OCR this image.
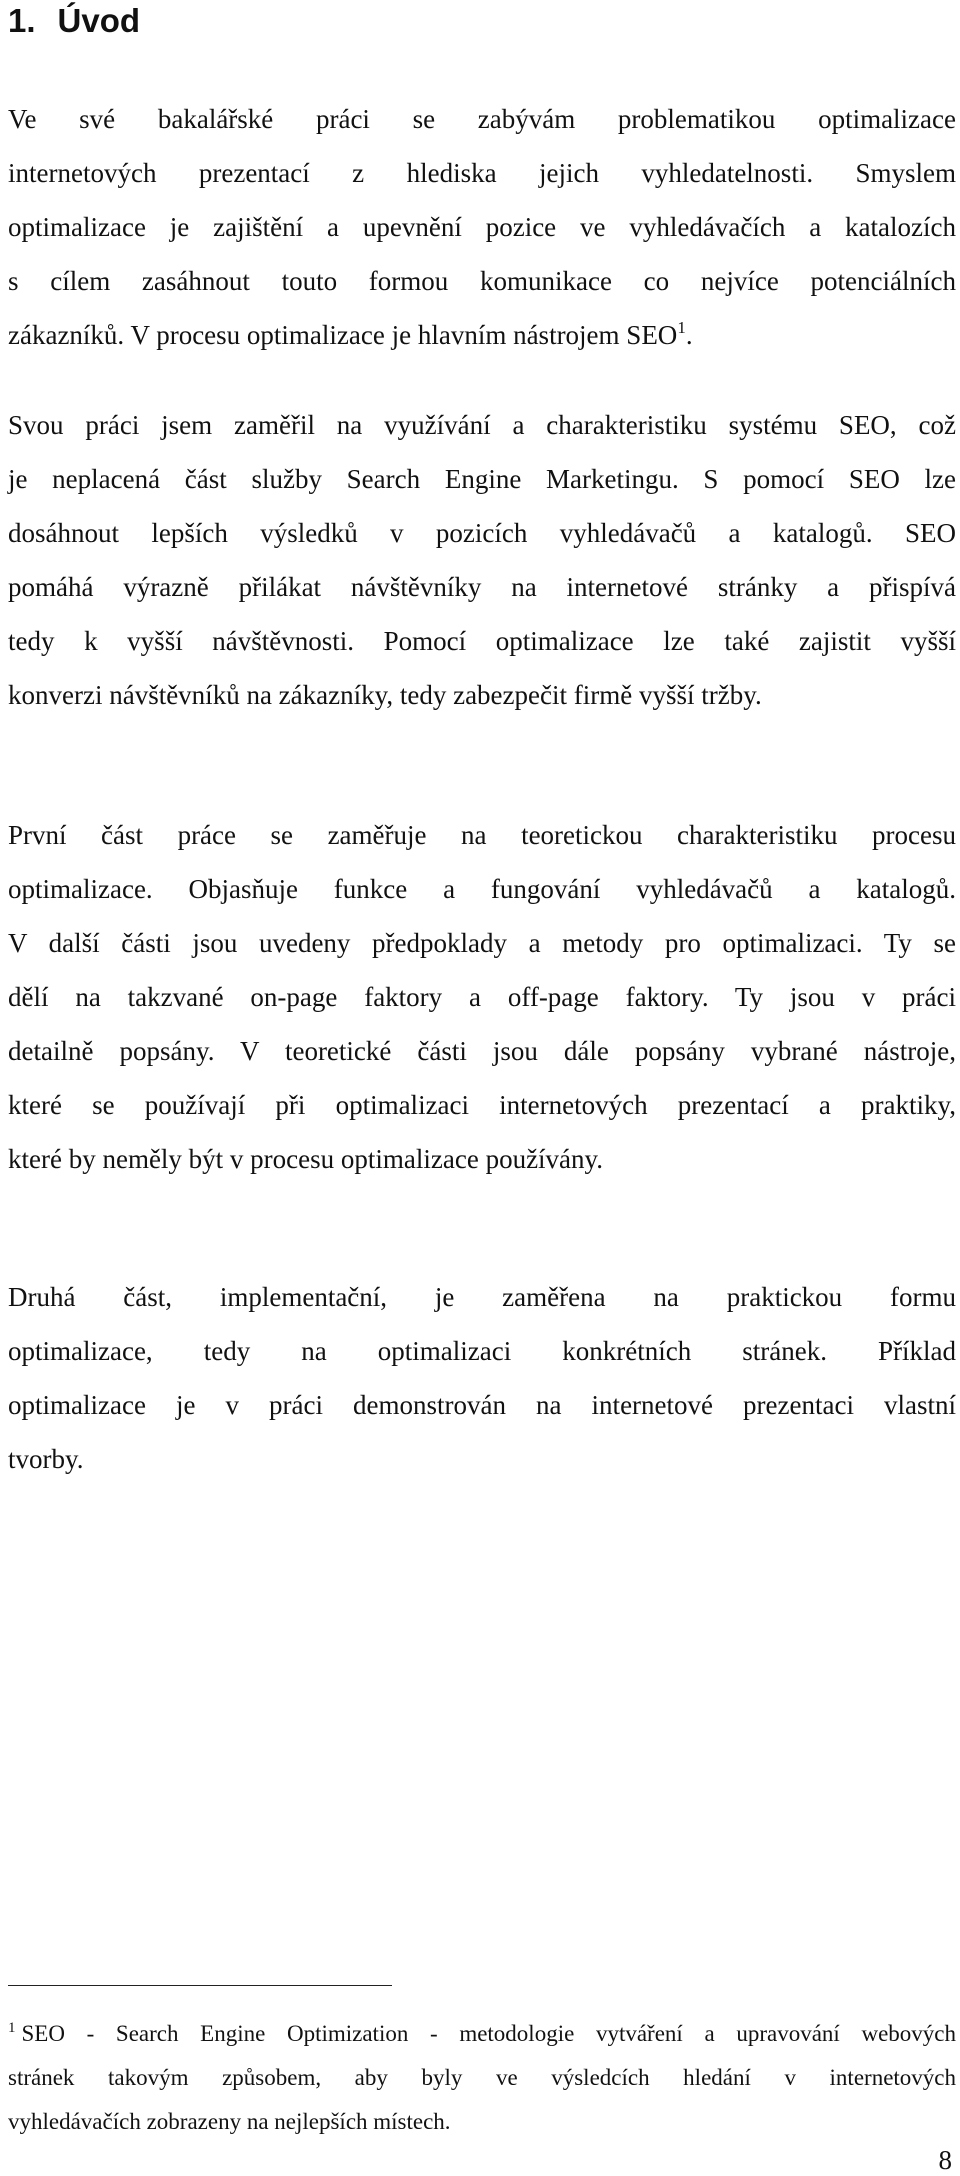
1. Úvod

Ve své bakalářské práci se zabývám problematikou optimalizace
internetových prezentací z hlediska jejich vyhledatelnosti. Smyslem
optimalizace je zajištění a upevnění pozice ve vyhledávačích a katalozích
s cílem zasáhnout touto formou komunikace co nejvíce potenciálních
zákazníků. V procesu optimalizace je hlavním nástrojem SEO$^1$.

Svou práci jsem zaměřil na využívání a charakteristiku systému SEO, což
je neplacená část služby Search Engine Marketingu. S pomocí SEO lze
dosáhnout lepších výsledků v pozicích vyhledávačů a katalogů. SEO
pomáhá výrazně přilákat návštěvníky na internetové stránky a přispívá
tedy k vyšší návštěvnosti. Pomocí optimalizace lze také zajistit vyšší
konverzi návštěvníků na zákazníky, tedy zabezpečit firmě vyšší tržby.

První část práce se zaměřuje na teoretickou charakteristiku procesu
optimalizace. Objasňuje funkce a fungování vyhledávačů a katalogů.
V další části jsou uvedeny předpoklady a metody pro optimalizaci. Ty se
dělí na takzvané on-page faktory a off-page faktory. Ty jsou v práci
detailně popsány. V teoretické části jsou dále popsány vybrané nástroje,
které se používají při optimalizaci internetových prezentací a praktiky,
které by neměly být v procesu optimalizace používány.

Druhá část, implementační, je zaměřena na praktickou formu
optimalizace, tedy na optimalizaci konkrétních stránek. Příklad
optimalizace je v práci demonstrován na internetové prezentaci vlastní
tvorby.

$^1$ SEO - Search Engine Optimization - metodologie vytváření a upravování webových
stránek takovým způsobem, aby byly ve výsledcích hledání v internetových
vyhledávačích zobrazeny na nejlepších místech.
8
